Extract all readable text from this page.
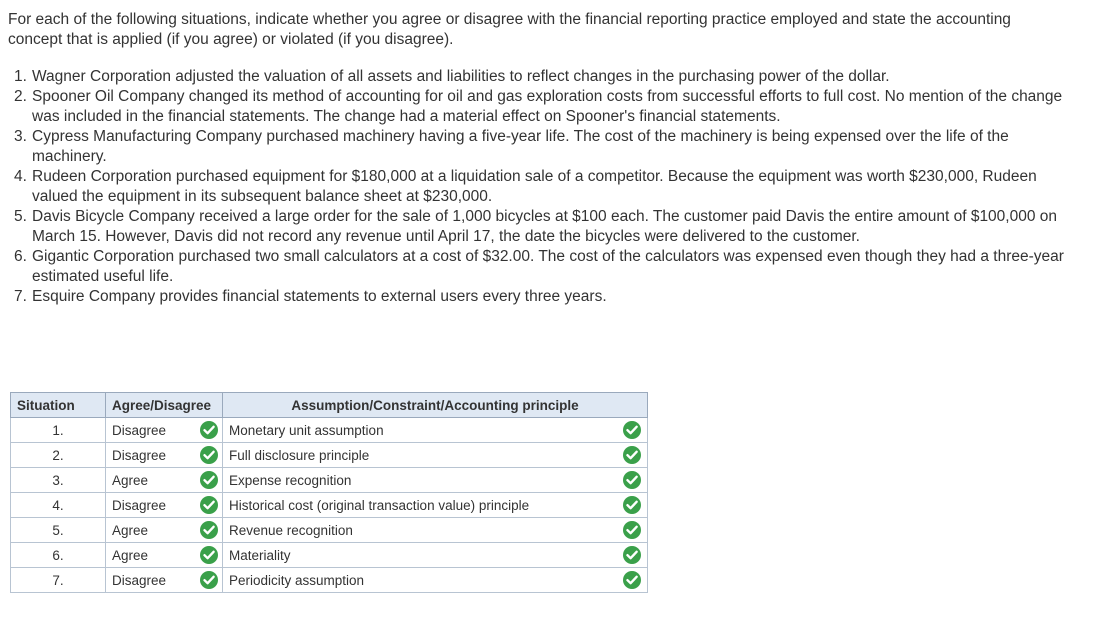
For each of the following situations, indicate whether you agree or disagree with the financial reporting practice employed and state the accounting concept that is applied (if you agree) or violated (if you disagree).

1. Wagner Corporation adjusted the valuation of all assets and liabilities to reflect changes in the purchasing power of the dollar.
2. Spooner Oil Company changed its method of accounting for oil and gas exploration costs from successful efforts to full cost. No mention of the change was included in the financial statements. The change had a material effect on Spooner's financial statements.
3. Cypress Manufacturing Company purchased machinery having a five-year life. The cost of the machinery is being expensed over the life of the machinery.
4. Rudeen Corporation purchased equipment for $180,000 at a liquidation sale of a competitor. Because the equipment was worth $230,000, Rudeen valued the equipment in its subsequent balance sheet at $230,000.
5. Davis Bicycle Company received a large order for the sale of 1,000 bicycles at $100 each. The customer paid Davis the entire amount of $100,000 on March 15. However, Davis did not record any revenue until April 17, the date the bicycles were delivered to the customer.
6. Gigantic Corporation purchased two small calculators at a cost of $32.00. The cost of the calculators was expensed even though they had a three-year estimated useful life.
7. Esquire Company provides financial statements to external users every three years.
Situation	Agree/Disagree	Assumption/Constraint/Accounting principle
1.	Disagree	Monetary unit assumption

2.	Disagree	Full disclosure principle

3.	Agree	Expense recognition

4.	Disagree	Historical cost (original transaction value) principle

5.	Agree	Revenue recognition

6.	Agree	Materiality

7.	Disagree	Periodicity assumption
